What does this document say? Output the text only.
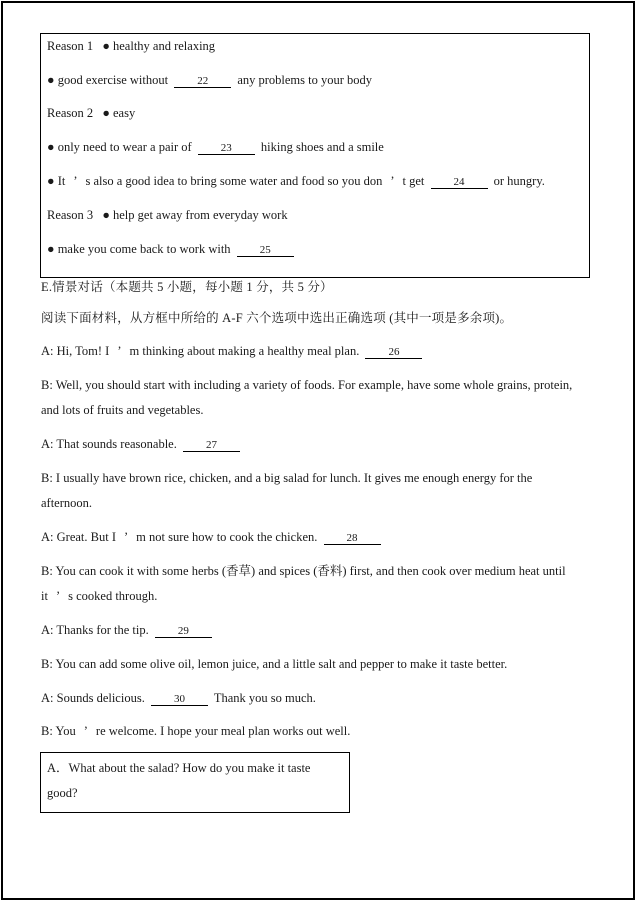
Reason 1 ● healthy and relaxing
● good exercise without	22 any problems to your body
Reason 2 ● easy
● only need to wear a pair of	23 hiking shoes and a smile
● It ’ s also a good idea to bring some water and food so you don ’ t get	24 or hungry.
Reason 3 ● help get away from everyday work
● make you come back to work with	25
E.情景对话（本题共 5 小题，每小题 1 分，共 5 分）
阅读下面材料，从方框中所给的 A-F 六个选项中选出正确选项 (其中一项是多余项)。
A: Hi, Tom! I ’ m thinking about making a healthy meal plan.	26
B: Well, you should start with including a variety of foods. For example, have some whole grains, protein,
and lots of fruits and vegetables.
A: That sounds reasonable.	27
B: I usually have brown rice, chicken, and a big salad for lunch. It gives me enough energy for the
afternoon.
A: Great. But I ’ m not sure how to cook the chicken.	28
B: You can cook it with some herbs (香草) and spices (香料) first, and then cook over medium heat until
it ’ s cooked through.
A: Thanks for the tip.	29
B: You can add some olive oil, lemon juice, and a little salt and pepper to make it taste better.
A: Sounds delicious.	30 Thank you so much.
B: You ’ re welcome. I hope your meal plan works out well.
A．What about the salad? How do you make it taste good?
